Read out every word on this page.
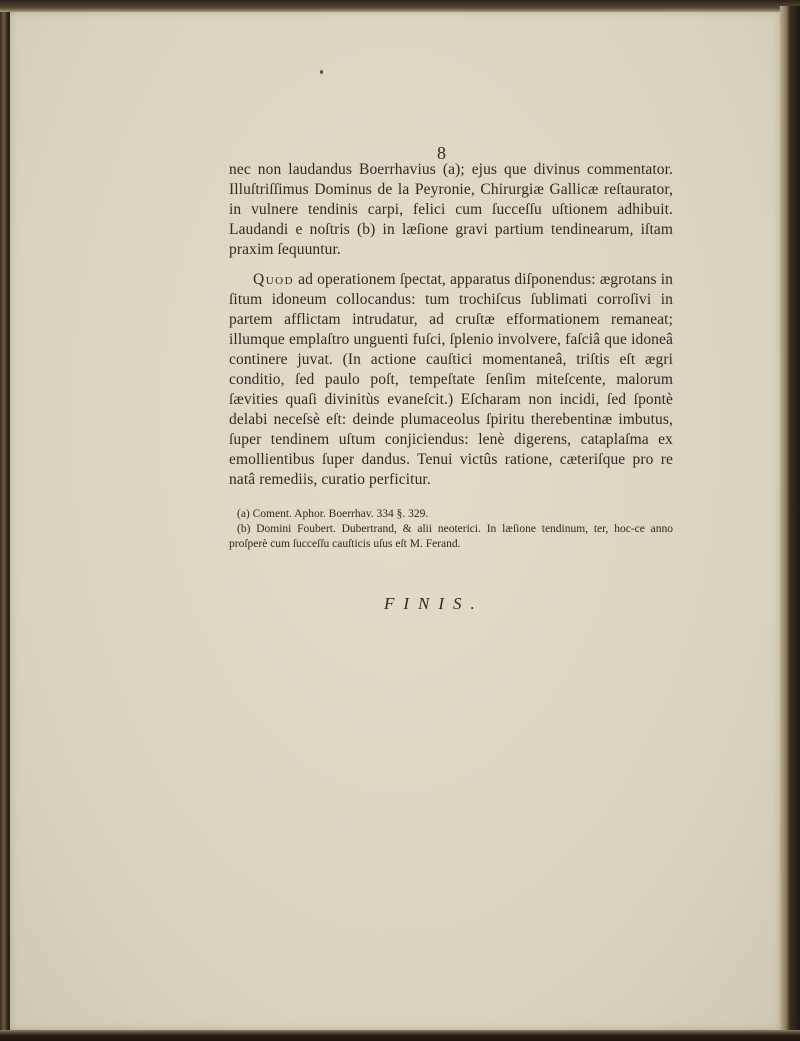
8
nec non laudandus Boerrhavius (a); ejus que divinus commentator. Illuſtriſſimus Dominus de la Peyronie, Chirurgiæ Gallicæ reſtaurator, in vulnere tendinis carpi, felici cum ſucceſſu uſtionem adhibuit. Laudandi e noſtris (b) in læſione gravi partium tendinearum, iſtam praxim ſequuntur.
Quod ad operationem ſpectat, apparatus diſponendus: ægrotans in ſitum idoneum collocandus: tum trochiſcus ſublimati corroſivi in partem afflictam intrudatur, ad cruſtæ efformationem remaneat; illumque emplaſtro unguenti fuſci, ſplenio involvere, faſciâ que idoneâ continere juvat. (In actione cauſtici momentaneâ, triſtis eſt ægri conditio, ſed paulo poſt, tempeſtate ſenſim miteſcente, malorum ſævities quaſi divinitùs evaneſcit.) Eſcharam non incidi, ſed ſpontè delabi neceſsè eſt: deinde plumaceolus ſpiritu therebentinæ imbutus, ſuper tendinem uſtum conjiciendus: lenè digerens, cataplaſma ex emollientibus ſuper dandus. Tenui victûs ratione, cæteriſque pro re natâ remediis, curatio perficitur.

(a) Coment. Aphor. Boerrhav. 334 §. 329.

(b) Domini Foubert. Dubertrand, & alii neoterici. In læſione tendinum, ter, hoc-ce anno proſperè cum ſucceſſu cauſticis uſus eſt M. Ferand.

FINIS.
